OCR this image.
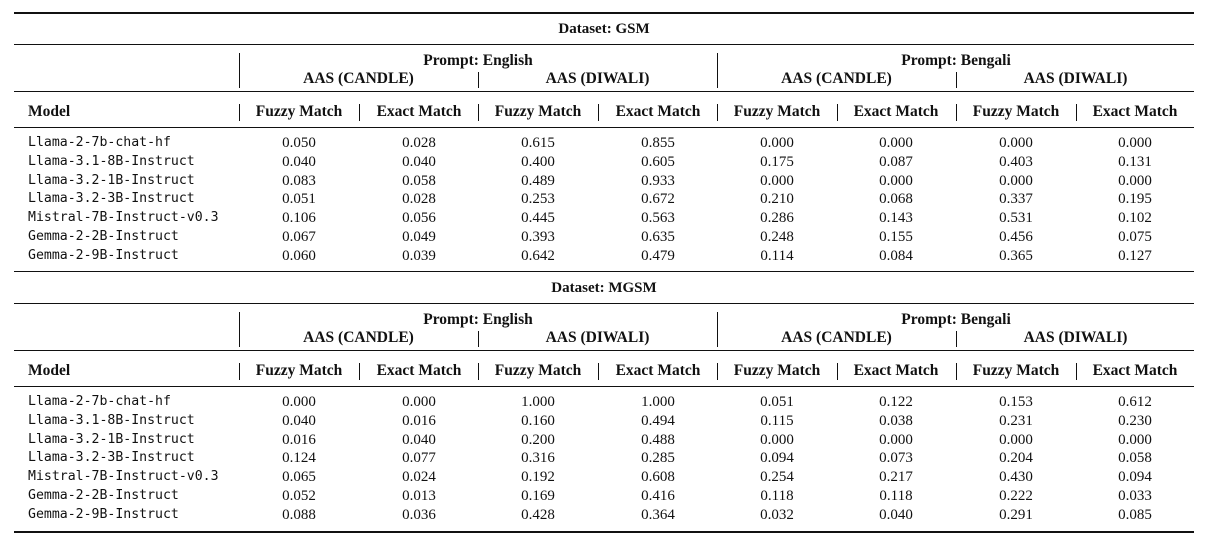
Dataset: GSM
Prompt: English	Prompt: Bengali
AAS (CANDLE)	AAS (DIWALI)	AAS (CANDLE)	AAS (DIWALI)
Model	Fuzzy Match	Exact Match	Fuzzy Match	Exact Match	Fuzzy Match	Exact Match	Fuzzy Match	Exact Match
Llama-2-7b-chat-hf	0.050	0.028	0.615	0.855	0.000	0.000	0.000	0.000
Llama-3.1-8B-Instruct	0.040	0.040	0.400	0.605	0.175	0.087	0.403	0.131
Llama-3.2-1B-Instruct	0.083	0.058	0.489	0.933	0.000	0.000	0.000	0.000
Llama-3.2-3B-Instruct	0.051	0.028	0.253	0.672	0.210	0.068	0.337	0.195
Mistral-7B-Instruct-v0.3	0.106	0.056	0.445	0.563	0.286	0.143	0.531	0.102
Gemma-2-2B-Instruct	0.067	0.049	0.393	0.635	0.248	0.155	0.456	0.075
Gemma-2-9B-Instruct	0.060	0.039	0.642	0.479	0.114	0.084	0.365	0.127
Dataset: MGSM
Prompt: English	Prompt: Bengali
AAS (CANDLE)	AAS (DIWALI)	AAS (CANDLE)	AAS (DIWALI)
Model	Fuzzy Match	Exact Match	Fuzzy Match	Exact Match	Fuzzy Match	Exact Match	Fuzzy Match	Exact Match
Llama-2-7b-chat-hf	0.000	0.000	1.000	1.000	0.051	0.122	0.153	0.612
Llama-3.1-8B-Instruct	0.040	0.016	0.160	0.494	0.115	0.038	0.231	0.230
Llama-3.2-1B-Instruct	0.016	0.040	0.200	0.488	0.000	0.000	0.000	0.000
Llama-3.2-3B-Instruct	0.124	0.077	0.316	0.285	0.094	0.073	0.204	0.058
Mistral-7B-Instruct-v0.3	0.065	0.024	0.192	0.608	0.254	0.217	0.430	0.094
Gemma-2-2B-Instruct	0.052	0.013	0.169	0.416	0.118	0.118	0.222	0.033
Gemma-2-9B-Instruct	0.088	0.036	0.428	0.364	0.032	0.040	0.291	0.085
